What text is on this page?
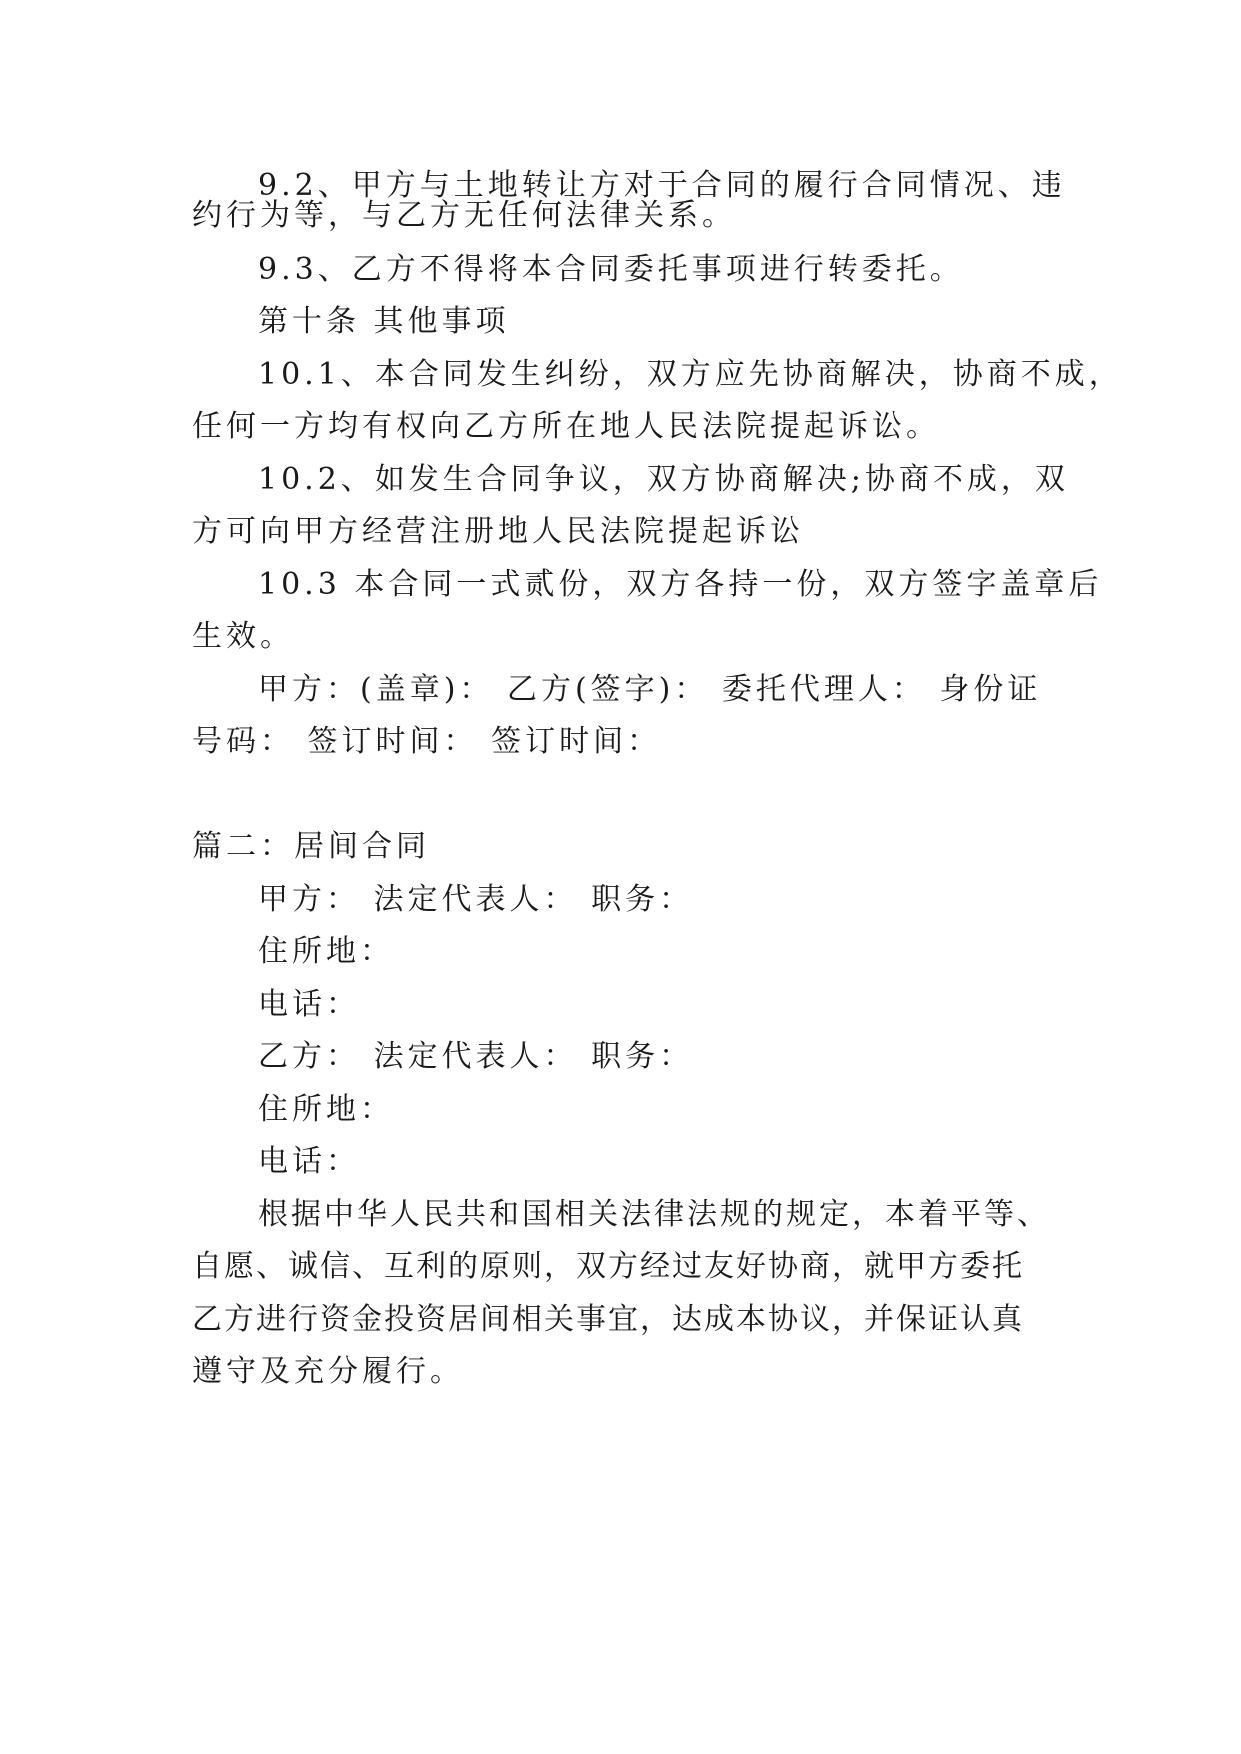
9.2、甲方与土地转让方对于合同的履行合同情况、违
约行为等，与乙方无任何法律关系。
9.3、乙方不得将本合同委托事项进行转委托。
第十条 其他事项
10.1、本合同发生纠纷，双方应先协商解决，协商不成，
任何一方均有权向乙方所在地人民法院提起诉讼。
10.2、如发生合同争议，双方协商解决;协商不成，双
方可向甲方经营注册地人民法院提起诉讼
10.3 本合同一式贰份，双方各持一份，双方签字盖章后
生效。
甲方：(盖章)： 乙方(签字)： 委托代理人： 身份证
号码： 签订时间： 签订时间：
篇二：居间合同
甲方： 法定代表人： 职务：
住所地：
电话：
乙方： 法定代表人： 职务：
住所地：
电话：
根据中华人民共和国相关法律法规的规定，本着平等、
自愿、诚信、互利的原则，双方经过友好协商，就甲方委托
乙方进行资金投资居间相关事宜，达成本协议，并保证认真
遵守及充分履行。
